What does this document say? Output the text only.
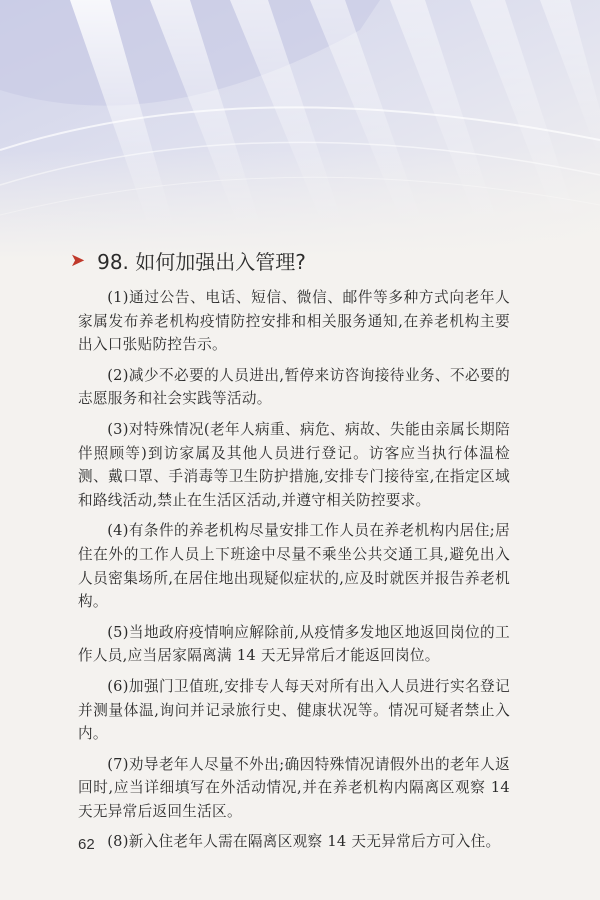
➤ 98. 如何加强出入管理?

(1)通过公告、电话、短信、微信、邮件等多种方式向老年人家属发布养老机构疫情防控安排和相关服务通知,在养老机构主要出入口张贴防控告示。

(2)减少不必要的人员进出,暂停来访咨询接待业务、不必要的志愿服务和社会实践等活动。

(3)对特殊情况(老年人病重、病危、病故、失能由亲属长期陪伴照顾等)到访家属及其他人员进行登记。访客应当执行体温检测、戴口罩、手消毒等卫生防护措施,安排专门接待室,在指定区域和路线活动,禁止在生活区活动,并遵守相关防控要求。

(4)有条件的养老机构尽量安排工作人员在养老机构内居住;居住在外的工作人员上下班途中尽量不乘坐公共交通工具,避免出入人员密集场所,在居住地出现疑似症状的,应及时就医并报告养老机构。

(5)当地政府疫情响应解除前,从疫情多发地区地返回岗位的工作人员,应当居家隔离满 14 天无异常后才能返回岗位。

(6)加强门卫值班,安排专人每天对所有出入人员进行实名登记并测量体温,询问并记录旅行史、健康状况等。情况可疑者禁止入内。

(7)劝导老年人尽量不外出;确因特殊情况请假外出的老年人返回时,应当详细填写在外活动情况,并在养老机构内隔离区观察 14 天无异常后返回生活区。

(8)新入住老年人需在隔离区观察 14 天无异常后方可入住。

62
